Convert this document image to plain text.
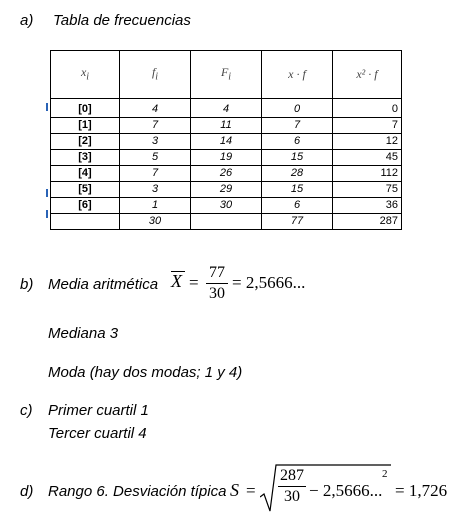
a) Tabla de frecuencias
$x_i$	$f_i$	$F_i$	x · f	x² · f

[0]	4	4	0	0
[1]	7	11	7	7
[2]	3	14	6	12
[3]	5	19	15	45
[4]	7	26	28	112
[5]	3	29	15	75
[6]	1	30	6	36
	30		77	287
b) Media aritmética X =
77
30
= 2,5666...
Mediana 3
Moda (hay dos modas; 1 y 4)
c) Primer cuartil 1
Tercer cuartil 4
d) Rango 6. Desviación típica S =
287
30 − 2,5666...
2
= 1,726
